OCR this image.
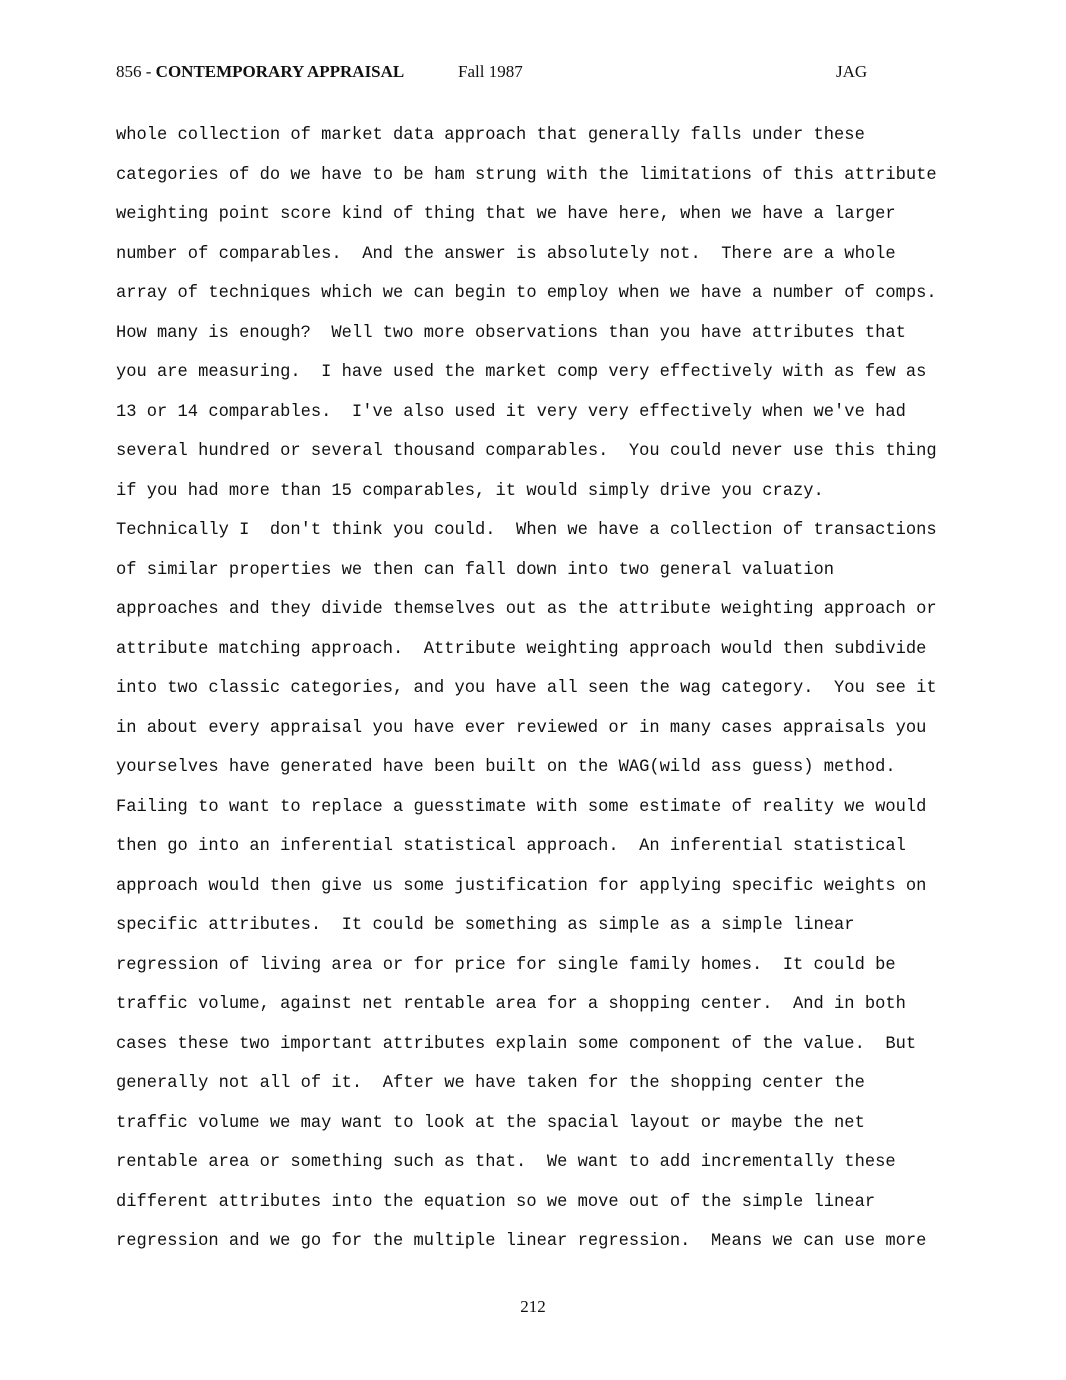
856 - CONTEMPORARY APPRAISAL	Fall 1987	JAG
whole collection of market data approach that generally falls under these
categories of do we have to be ham strung with the limitations of this attribute
weighting point score kind of thing that we have here, when we have a larger
number of comparables.  And the answer is absolutely not.  There are a whole
array of techniques which we can begin to employ when we have a number of comps.
How many is enough?  Well two more observations than you have attributes that
you are measuring.  I have used the market comp very effectively with as few as
13 or 14 comparables.  I've also used it very very effectively when we've had
several hundred or several thousand comparables.  You could never use this thing
if you had more than 15 comparables, it would simply drive you crazy.
Technically I  don't think you could.  When we have a collection of transactions
of similar properties we then can fall down into two general valuation
approaches and they divide themselves out as the attribute weighting approach or
attribute matching approach.  Attribute weighting approach would then subdivide
into two classic categories, and you have all seen the wag category.  You see it
in about every appraisal you have ever reviewed or in many cases appraisals you
yourselves have generated have been built on the WAG(wild ass guess) method.
Failing to want to replace a guesstimate with some estimate of reality we would
then go into an inferential statistical approach.  An inferential statistical
approach would then give us some justification for applying specific weights on
specific attributes.  It could be something as simple as a simple linear
regression of living area or for price for single family homes.  It could be
traffic volume, against net rentable area for a shopping center.  And in both
cases these two important attributes explain some component of the value.  But
generally not all of it.  After we have taken for the shopping center the
traffic volume we may want to look at the spacial layout or maybe the net
rentable area or something such as that.  We want to add incrementally these
different attributes into the equation so we move out of the simple linear
regression and we go for the multiple linear regression.  Means we can use more
212
